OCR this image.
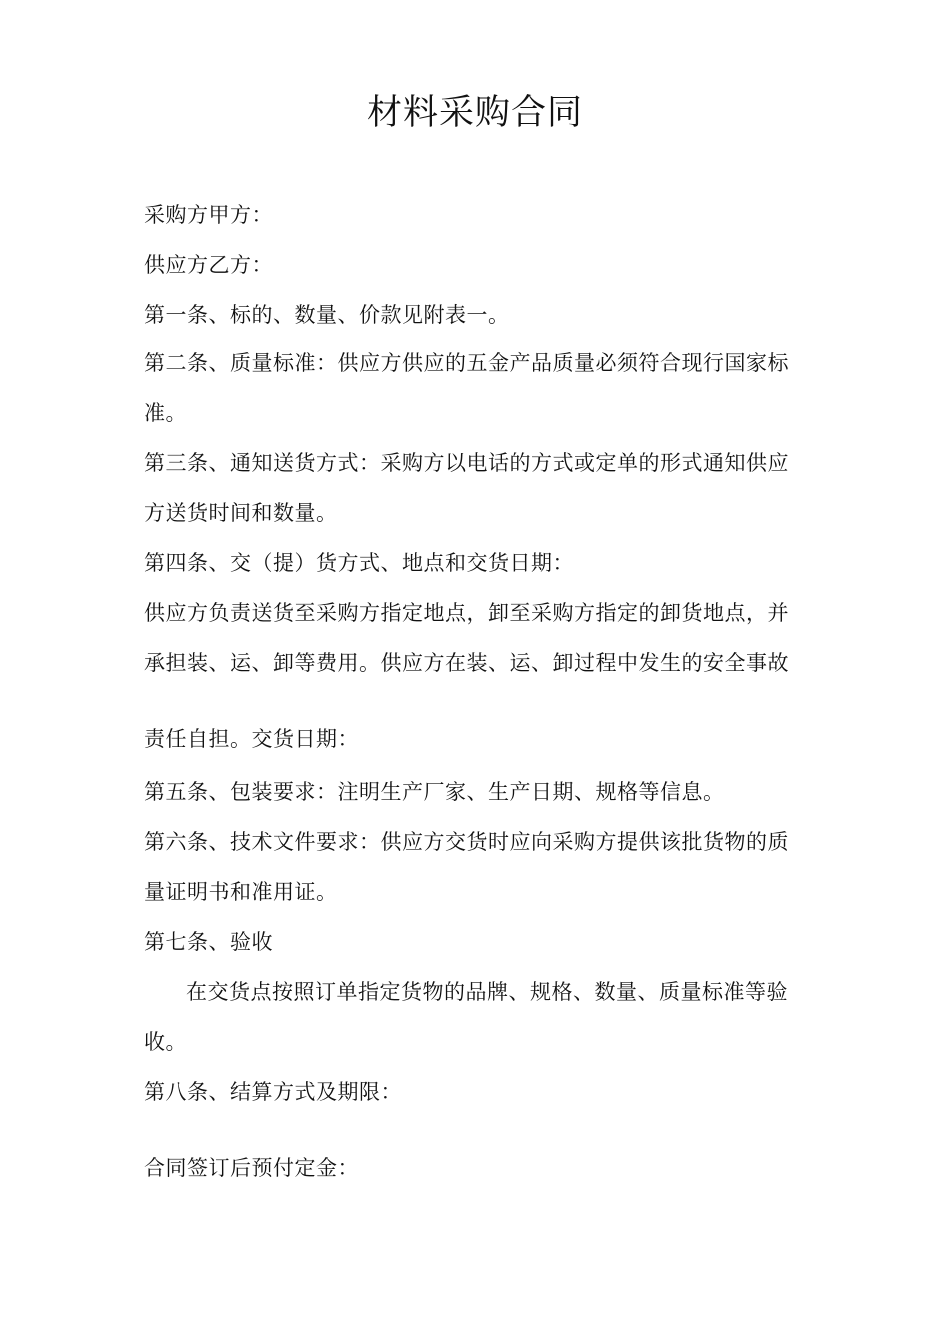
材料采购合同
采购方甲方：
供应方乙方：
第一条、标的、数量、价款见附表一。
第二条、质量标准：供应方供应的五金产品质量必须符合现行国家标
准。
第三条、通知送货方式：采购方以电话的方式或定单的形式通知供应
方送货时间和数量。
第四条、交（提）货方式、地点和交货日期：
供应方负责送货至采购方指定地点，卸至采购方指定的卸货地点，并
承担装、运、卸等费用。供应方在装、运、卸过程中发生的安全事故
责任自担。交货日期：
第五条、包装要求：注明生产厂家、生产日期、规格等信息。
第六条、技术文件要求：供应方交货时应向采购方提供该批货物的质
量证明书和准用证。
第七条、验收
在交货点按照订单指定货物的品牌、规格、数量、质量标准等验
收。
第八条、结算方式及期限：
合同签订后预付定金：
